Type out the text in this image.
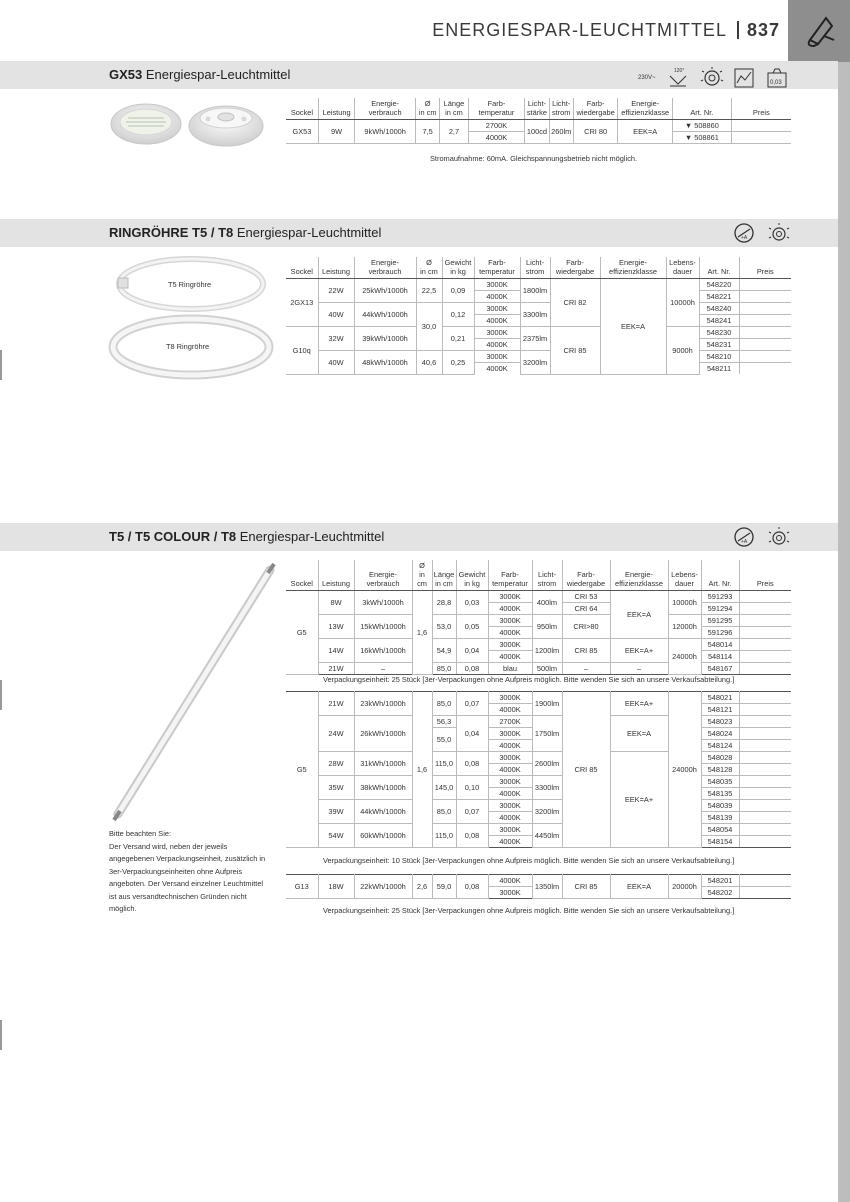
ENERGIESPAR-LEUCHTMITTEL 837
GX53 Energiespar-Leuchtmittel	230V~
120°
0,03
Sockel	Leistung	Energie-
verbrauch	Ø
in cm	Länge
in cm	Farb-
temperatur	Licht-
stärke	Licht-
strom	Farb-
wiedergabe	Energie-
effizienzklasse	Art. Nr.	Preis
GX53	9W	9kWh/1000h	7,5	2,7	2700K	100cd	260lm	CRI 80	EEK=A	▼ 508860	
					4000K					▼ 508861	
Stromaufnahme: 60mA. Gleichspannungsbetrieb nicht möglich.
RINGRÖHRE T5 / T8 Energiespar-Leuchtmittel	+A
T5 Ringröhre
T8 Ringröhre
Sockel	Leistung	Energie-
verbrauch	Ø
in cm	Gewicht
in kg	Farb-
temperatur	Licht-
strom	Farb-
wiedergabe	Energie-
effizienzklasse	Lebens-
dauer	Art. Nr.	Preis
2GX13	22W	25kWh/1000h	22,5	0,09	3000K	1800lm	CRI 82	EEK=A	10000h	548220	
					4000K					548221	
	40W	44kWh/1000h	30,0	0,12	3000K	3300lm				548240	
					4000K					548241	
G10q	32W	39kWh/1000h		0,21	3000K	2375lm	CRI 85		9000h	548230	
					4000K					548231	
	40W	48kWh/1000h	40,6	0,25	3000K	3200lm				548210	
					4000K					548211	
T5 / T5 COLOUR / T8 Energiespar-Leuchtmittel	+A
Bitte beachten Sie:
Der Versand wird, neben der jeweils angegebenen Verpackungseinheit, zusätzlich in 3er-Verpackungseinheiten ohne Aufpreis angeboten. Der Versand einzelner Leuchtmittel ist aus versandtechnischen Gründen nicht möglich.
Sockel	Leistung	Energie-
verbrauch	Ø
in cm	Länge
in cm	Gewicht
in kg	Farb-
temperatur	Licht-
strom	Farb-
wiedergabe	Energie-
effizienzklasse	Lebens-
dauer	Art. Nr.	Preis
G5	8W	3kWh/1000h	1,6	28,8	0,03	3000K	400lm	CRI 53	EEK=A	10000h	591293	
						4000K		CRI 64			591294	
	13W	15kWh/1000h		53,0	0,05	3000K	950lm	CRI>80		12000h	591295	
						4000K					591296	
	14W	16kWh/1000h		54,9	0,04	3000K	1200lm	CRI 85	EEK=A+	24000h	548014	
						4000K					548114	
	21W	–		85,0	0,08	blau	500lm	–	–		548167	
Verpackungseinheit: 25 Stück [3er-Verpackungen ohne Aufpreis möglich. Bitte wenden Sie sich an unsere Verkaufsabteilung.]
G5	21W	23kWh/1000h	1,6	85,0	0,07	3000K	1900lm	CRI 85	EEK=A+	24000h	548021	
						4000K					548121	
	24W	26kWh/1000h		56,3	0,04	2700K	1750lm		EEK=A		548023	
				55,0		3000K					548024	
						4000K					548124	
	28W	31kWh/1000h		115,0	0,08	3000K	2600lm		EEK=A+		548028	
						4000K					548128	
	35W	38kWh/1000h		145,0	0,10	3000K	3300lm				548035	
						4000K					548135	
	39W	44kWh/1000h		85,0	0,07	3000K	3200lm				548039	
						4000K					548139	
	54W	60kWh/1000h		115,0	0,08	3000K	4450lm				548054	
						4000K					548154	
Verpackungseinheit: 10 Stück [3er-Verpackungen ohne Aufpreis möglich. Bitte wenden Sie sich an unsere Verkaufsabteilung.]
G13	18W	22kWh/1000h	2,6	59,0	0,08	4000K	1350lm	CRI 85	EEK=A	20000h	548201	
						3000K					548202	
Verpackungseinheit: 25 Stück [3er-Verpackungen ohne Aufpreis möglich. Bitte wenden Sie sich an unsere Verkaufsabteilung.]
